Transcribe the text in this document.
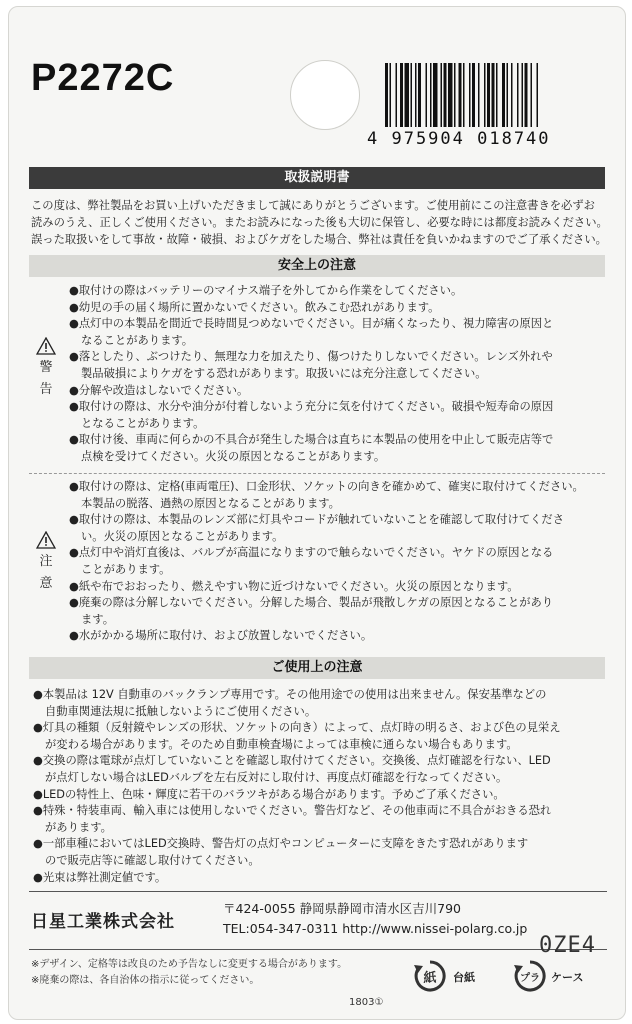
P2272C
4 975904 018740
取扱説明書
この度は、弊社製品をお買い上げいただきまして誠にありがとうございます。ご使用前にこの注意書きを必ずお
読みのうえ、正しくご使用ください。またお読みになった後も大切に保管し、必要な時には都度お読みください。
誤った取扱いをして事故・故障・破損、およびケガをした場合、弊社は責任を負いかねますのでご了承ください。
安全上の注意
警
告
●取付けの際はバッテリーのマイナス端子を外してから作業をしてください。
●幼児の手の届く場所に置かないでください。飲みこむ恐れがあります。
●点灯中の本製品を間近で長時間見つめないでください。目が痛くなったり、視力障害の原因と
なることがあります。
●落としたり、ぶつけたり、無理な力を加えたり、傷つけたりしないでください。レンズ外れや
製品破損によりケガをする恐れがあります。取扱いには充分注意してください。
●分解や改造はしないでください。
●取付けの際は、水分や油分が付着しないよう充分に気を付けてください。破損や短寿命の原因
となることがあります。
●取付け後、車両に何らかの不具合が発生した場合は直ちに本製品の使用を中止して販売店等で
点検を受けてください。火災の原因となることがあります。
注
意
●取付けの際は、定格(車両電圧)、口金形状、ソケットの向きを確かめて、確実に取付けてください。
本製品の脱落、過熱の原因となることがあります。
●取付けの際は、本製品のレンズ部に灯具やコードが触れていないことを確認して取付けてくださ
い。火災の原因となることがあります。
●点灯中や消灯直後は、バルブが高温になりますので触らないでください。ヤケドの原因となる
ことがあります。
●紙や布でおおったり、燃えやすい物に近づけないでください。火災の原因となります。
●廃棄の際は分解しないでください。分解した場合、製品が飛散しケガの原因となることがあり
ます。
●水がかかる場所に取付け、および放置しないでください。
ご使用上の注意
●本製品は 12V 自動車のバックランプ専用です。その他用途での使用は出来ません。保安基準などの
自動車関連法規に抵触しないようにご使用ください。
●灯具の種類（反射鏡やレンズの形状、ソケットの向き）によって、点灯時の明るさ、および色の見栄え
が変わる場合があります。そのため自動車検査場によっては車検に通らない場合もあります。
●交換の際は電球が点灯していないことを確認し取付けてください。交換後、点灯確認を行ない、LED
が点灯しない場合はLEDバルブを左右反対にし取付け、再度点灯確認を行なってください。
●LEDの特性上、色味・輝度に若干のバラツキがある場合があります。予めご了承ください。
●特殊・特装車両、輸入車には使用しないでください。警告灯など、その他車両に不具合がおきる恐れ
があります。
●一部車種においてはLED交換時、警告灯の点灯やコンピューターに支障をきたす恐れがあります
ので販売店等に確認し取付けてください。
●光束は弊社測定値です。
日星工業株式会社
〒424-0055 静岡県静岡市清水区吉川790
TEL:054-347-0311 http://www.nissei-polarg.co.jp
※デザイン、定格等は改良のため予告なしに変更する場合があります。
※廃棄の際は、各自治体の指示に従ってください。
0ZE4
紙 台紙	プラ ケース
1803①
